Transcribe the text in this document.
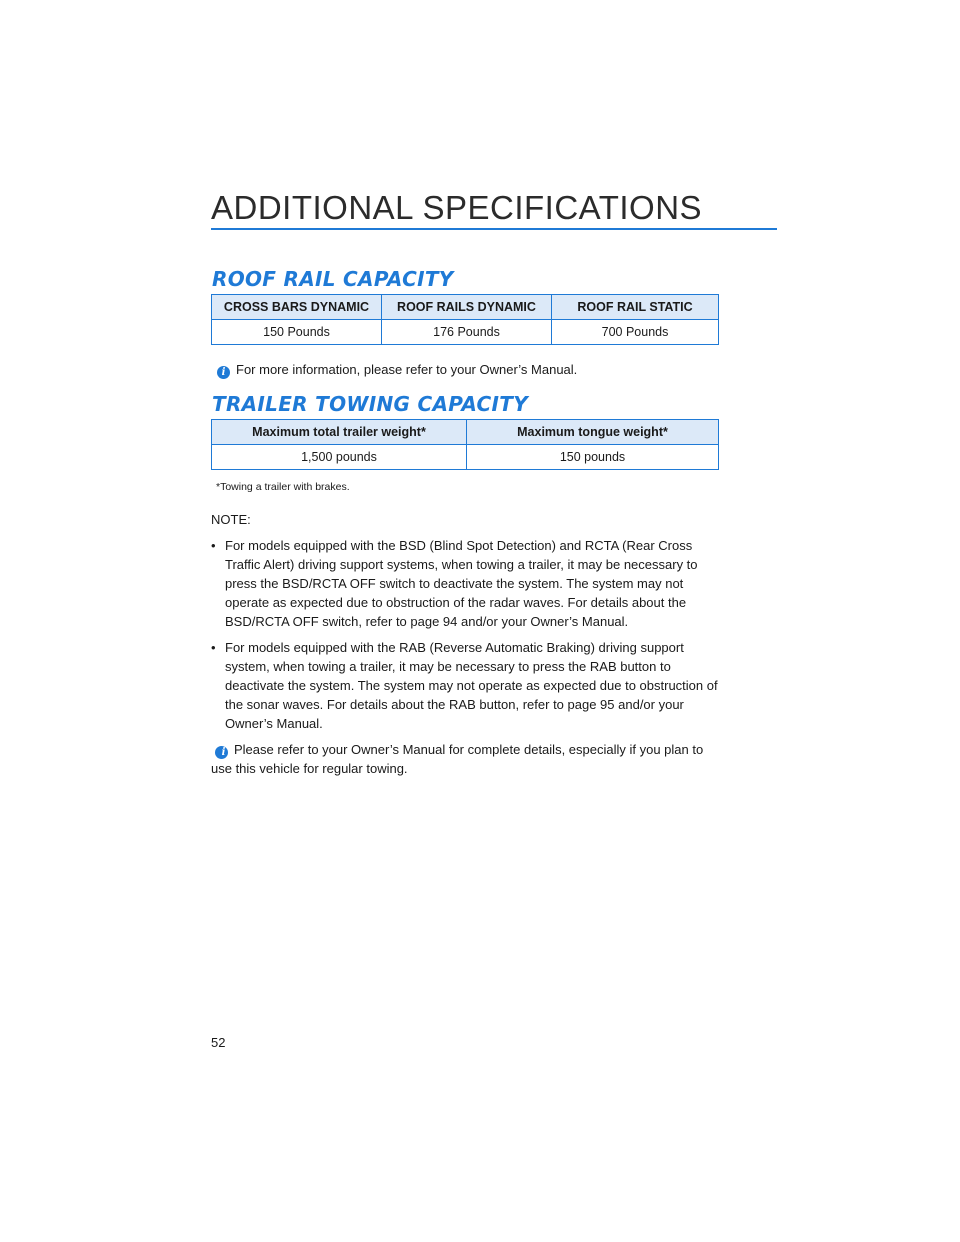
ADDITIONAL SPECIFICATIONS
ROOF RAIL CAPACITY
CROSS BARS DYNAMIC	ROOF RAILS DYNAMIC	ROOF RAIL STATIC
150 Pounds	176 Pounds	700 Pounds
i For more information, please refer to your Owner’s Manual.
TRAILER TOWING CAPACITY
Maximum total trailer weight*	Maximum tongue weight*
1,500 pounds	150 pounds
*Towing a trailer with brakes.
NOTE:
• For models equipped with the BSD (Blind Spot Detection) and RCTA (Rear Cross Traffic Alert) driving support systems, when towing a trailer, it may be necessary to press the BSD/RCTA OFF switch to deactivate the system. The system may not operate as expected due to obstruction of the radar waves. For details about the BSD/RCTA OFF switch, refer to page 94 and/or your Owner’s Manual.
• For models equipped with the RAB (Reverse Automatic Braking) driving support system, when towing a trailer, it may be necessary to press the RAB button to deactivate the system. The system may not operate as expected due to obstruction of the sonar waves. For details about the RAB button, refer to page 95 and/or your Owner’s Manual.
i Please refer to your Owner’s Manual for complete details, especially if you plan to use this vehicle for regular towing.
52
